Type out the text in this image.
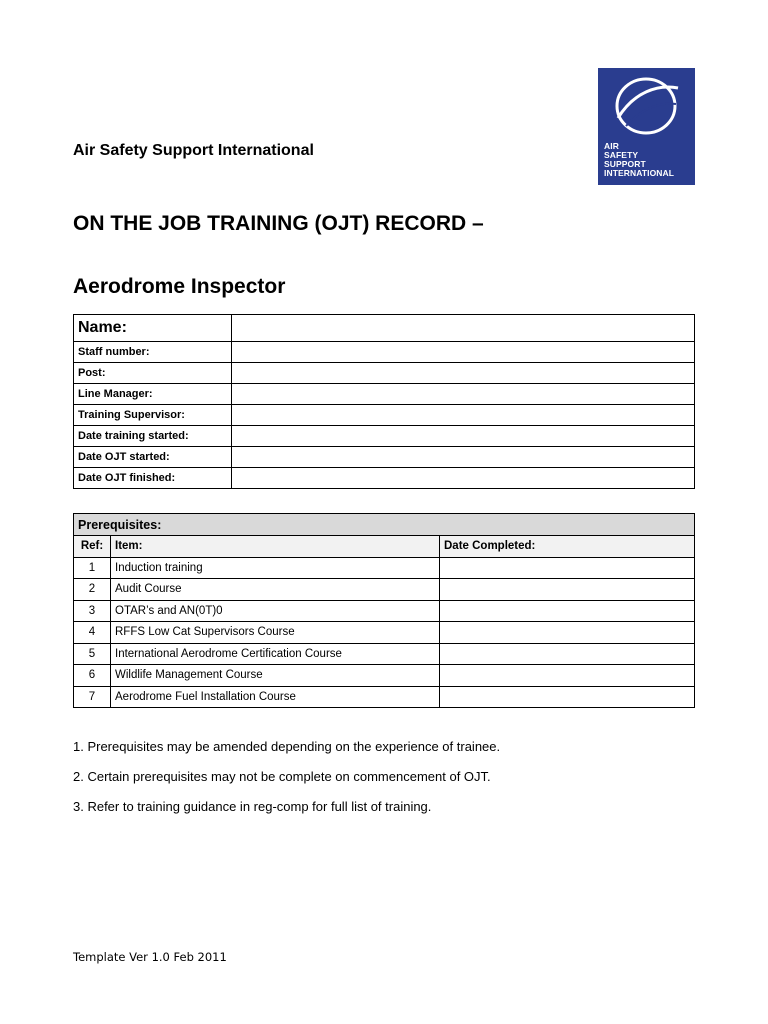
AIR
SAFETY
SUPPORT
INTERNATIONAL
Air Safety Support International
ON THE JOB TRAINING (OJT) RECORD –
Aerodrome Inspector
Name:	
Staff number:	
Post:	
Line Manager:	
Training Supervisor:	
Date training started:	
Date OJT started:	
Date OJT finished:	
Prerequisites:		
Ref:	Item:	Date Completed:
1	Induction training	
2	Audit Course	
3	OTAR’s and AN(0T)0	
4	RFFS Low Cat Supervisors Course	
5	International Aerodrome Certification Course	
6	Wildlife Management Course	
7	Aerodrome Fuel Installation Course	
1. Prerequisites may be amended depending on the experience of trainee.
2. Certain prerequisites may not be complete on commencement of OJT.
3. Refer to training guidance in reg-comp for full list of training.
Template Ver 1.0 Feb 2011
